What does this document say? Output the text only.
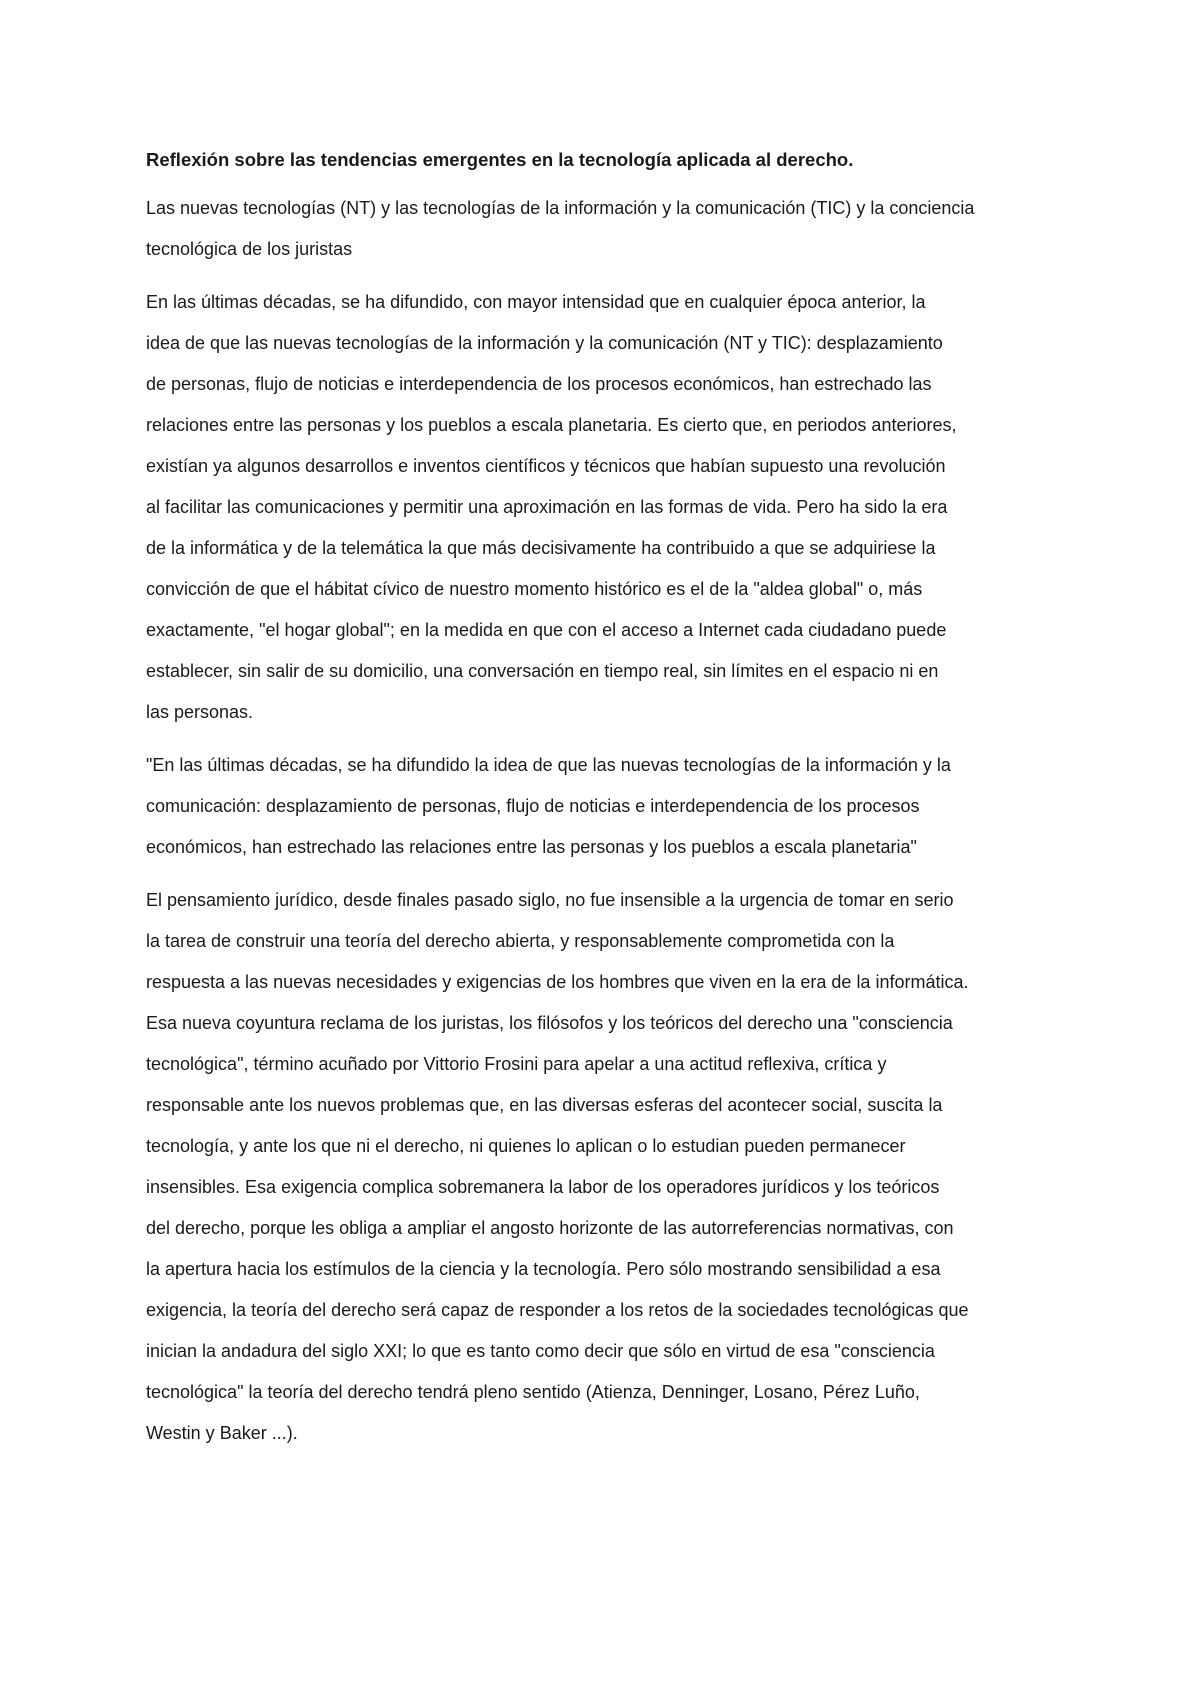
Reflexión sobre las tendencias emergentes en la tecnología aplicada al derecho.
Las nuevas tecnologías (NT) y las tecnologías de la información y la comunicación (TIC) y la conciencia
tecnológica de los juristas
En las últimas décadas, se ha difundido, con mayor intensidad que en cualquier época anterior, la
idea de que las nuevas tecnologías de la información y la comunicación (NT y TIC): desplazamiento
de personas, flujo de noticias e interdependencia de los procesos económicos, han estrechado las
relaciones entre las personas y los pueblos a escala planetaria. Es cierto que, en periodos anteriores,
existían ya algunos desarrollos e inventos científicos y técnicos que habían supuesto una revolución
al facilitar las comunicaciones y permitir una aproximación en las formas de vida. Pero ha sido la era
de la informática y de la telemática la que más decisivamente ha contribuido a que se adquiriese la
convicción de que el hábitat cívico de nuestro momento histórico es el de la "aldea global" o, más
exactamente, "el hogar global"; en la medida en que con el acceso a Internet cada ciudadano puede
establecer, sin salir de su domicilio, una conversación en tiempo real, sin límites en el espacio ni en
las personas.
"En las últimas décadas, se ha difundido la idea de que las nuevas tecnologías de la información y la
comunicación: desplazamiento de personas, flujo de noticias e interdependencia de los procesos
económicos, han estrechado las relaciones entre las personas y los pueblos a escala planetaria"
El pensamiento jurídico, desde finales pasado siglo, no fue insensible a la urgencia de tomar en serio
la tarea de construir una teoría del derecho abierta, y responsablemente comprometida con la
respuesta a las nuevas necesidades y exigencias de los hombres que viven en la era de la informática.
Esa nueva coyuntura reclama de los juristas, los filósofos y los teóricos del derecho una "consciencia
tecnológica", término acuñado por Vittorio Frosini para apelar a una actitud reflexiva, crítica y
responsable ante los nuevos problemas que, en las diversas esferas del acontecer social, suscita la
tecnología, y ante los que ni el derecho, ni quienes lo aplican o lo estudian pueden permanecer
insensibles. Esa exigencia complica sobremanera la labor de los operadores jurídicos y los teóricos
del derecho, porque les obliga a ampliar el angosto horizonte de las autorreferencias normativas, con
la apertura hacia los estímulos de la ciencia y la tecnología. Pero sólo mostrando sensibilidad a esa
exigencia, la teoría del derecho será capaz de responder a los retos de la sociedades tecnológicas que
inician la andadura del siglo XXI; lo que es tanto como decir que sólo en virtud de esa "consciencia
tecnológica" la teoría del derecho tendrá pleno sentido (Atienza, Denninger, Losano, Pérez Luño,
Westin y Baker ...).
